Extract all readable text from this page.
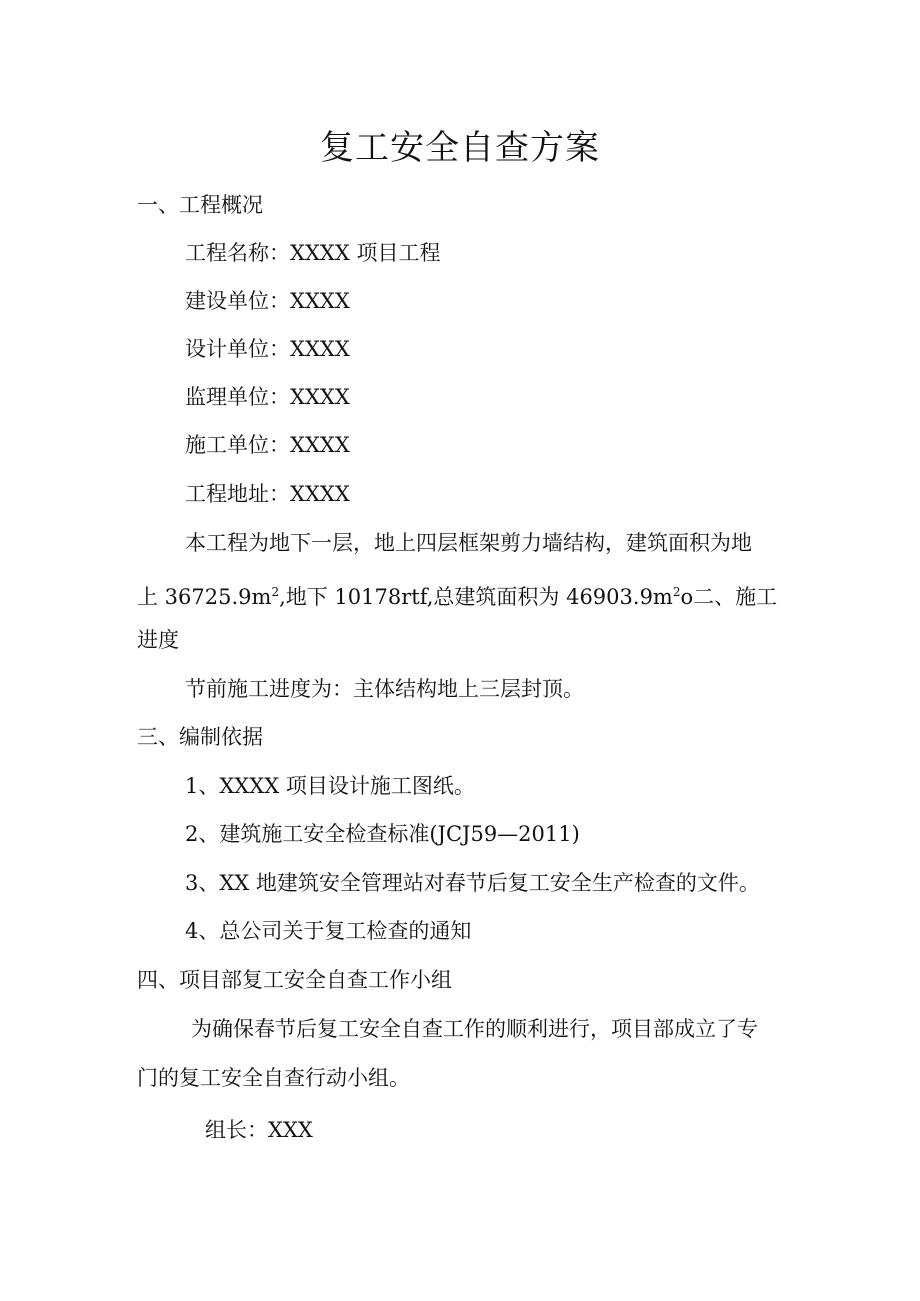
复工安全自查方案
一、工程概况
工程名称：XXXX 项目工程
建设单位：XXXX
设计单位：XXXX
监理单位：XXXX
施工单位：XXXX
工程地址：XXXX
本工程为地下一层，地上四层框架剪力墙结构，建筑面积为地
上 $36725.9m^2$,地下 10178rtf,总建筑面积为 $46903.9m^2o$二、施工
进度
节前施工进度为：主体结构地上三层封顶。
三、编制依据
1、XXXX 项目设计施工图纸。
2、建筑施工安全检查标准(JCJ59—2011)
3、XX 地建筑安全管理站对春节后复工安全生产检查的文件。
4、总公司关于复工检查的通知
四、项目部复工安全自查工作小组
为确保春节后复工安全自查工作的顺利进行，项目部成立了专
门的复工安全自查行动小组。
组长：XXX
